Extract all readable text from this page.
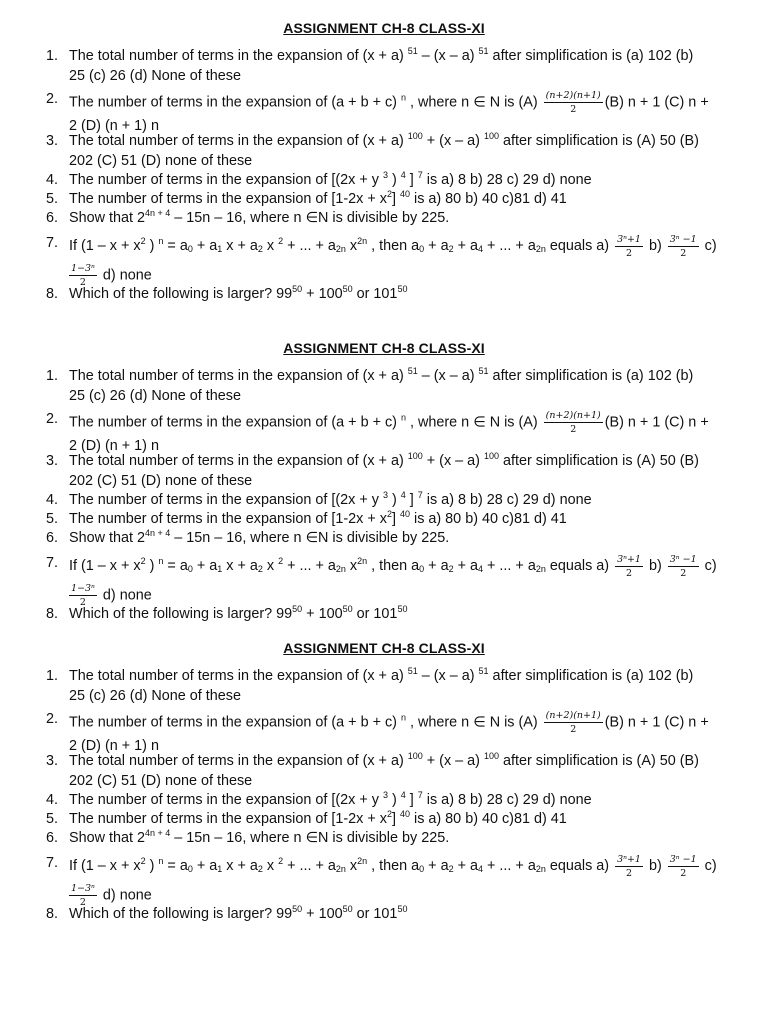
ASSIGNMENT CH-8 CLASS-XI
1. The total number of terms in the expansion of (x + a) $^{51}$ – (x – a) $^{51}$ after simplification is (a) 102 (b)
25 (c) 26 (d) None of these
2. The number of terms in the expansion of (a + b + c) $^n$ , where n ∈ N is $(A) \frac{(n+2)(n+1)}{2} (B) n + 1$ (C) n +
2 (D) (n + 1) n
3. The total number of terms in the expansion of (x + a) $^{100}$ + (x – a) $^{100}$ after simplification is (A) 50 (B)
202 (C) 51 (D) none of these
4. The number of terms in the expansion of [(2x + y $^3$ ) $^4$ ] $^7$ is a) 8 b) 28 c) 29 d) none
5. The number of terms in the expansion of $[1-2x + x^2]$ $^{40}$ is a) 80 b) 40 c)81 d) 41
6. Show that $2^{4n + 4} - 15n - 16$, where n ∈N is divisible by 225.
7. If ($1 - x + x^2$ ) $^n = a_0 + a_1$ $x + a_2$ x $^2$ + ... + $a_{2n}$ $x^{2n}$ , then $a_0 + a_2 + a_4$ + ... + $a_{2n}$ equals $a) \frac{\text{3ⁿ+1}}{2} b) \frac{\text{3ⁿ −1}}{2} c$)
$\frac{\text{1−3ⁿ}}{2} d$) none
8. Which of the following is larger? $99^{50} + 100^{50}$ or $101^{50}$
ASSIGNMENT CH-8 CLASS-XI
1. The total number of terms in the expansion of (x + a) $^{51}$ – (x – a) $^{51}$ after simplification is (a) 102 (b)
25 (c) 26 (d) None of these
2. The number of terms in the expansion of (a + b + c) $^n$ , where n ∈ N is $(A) \frac{(n+2)(n+1)}{2} (B) n + 1$ (C) n +
2 (D) (n + 1) n
3. The total number of terms in the expansion of (x + a) $^{100}$ + (x – a) $^{100}$ after simplification is (A) 50 (B)
202 (C) 51 (D) none of these
4. The number of terms in the expansion of [(2x + y $^3$ ) $^4$ ] $^7$ is a) 8 b) 28 c) 29 d) none
5. The number of terms in the expansion of $[1-2x + x^2]$ $^{40}$ is a) 80 b) 40 c)81 d) 41
6. Show that $2^{4n + 4} - 15n - 16$, where n ∈N is divisible by 225.
7. If ($1 - x + x^2$ ) $^n = a_0 + a_1$ $x + a_2$ x $^2$ + ... + $a_{2n}$ $x^{2n}$ , then $a_0 + a_2 + a_4$ + ... + $a_{2n}$ equals $a) \frac{\text{3ⁿ+1}}{2} b) \frac{\text{3ⁿ −1}}{2} c$)
$\frac{\text{1−3ⁿ}}{2} d$) none
8. Which of the following is larger? $99^{50} + 100^{50}$ or $101^{50}$
ASSIGNMENT CH-8 CLASS-XI
1. The total number of terms in the expansion of (x + a) $^{51}$ – (x – a) $^{51}$ after simplification is (a) 102 (b)
25 (c) 26 (d) None of these
2. The number of terms in the expansion of (a + b + c) $^n$ , where n ∈ N is $(A) \frac{(n+2)(n+1)}{2} (B) n + 1$ (C) n +
2 (D) (n + 1) n
3. The total number of terms in the expansion of (x + a) $^{100}$ + (x – a) $^{100}$ after simplification is (A) 50 (B)
202 (C) 51 (D) none of these
4. The number of terms in the expansion of [(2x + y $^3$ ) $^4$ ] $^7$ is a) 8 b) 28 c) 29 d) none
5. The number of terms in the expansion of $[1-2x + x^2]$ $^{40}$ is a) 80 b) 40 c)81 d) 41
6. Show that $2^{4n + 4} - 15n - 16$, where n ∈N is divisible by 225.
7. If ($1 - x + x^2$ ) $^n = a_0 + a_1$ $x + a_2$ x $^2$ + ... + $a_{2n}$ $x^{2n}$ , then $a_0 + a_2 + a_4$ + ... + $a_{2n}$ equals $a) \frac{\text{3ⁿ+1}}{2} b) \frac{\text{3ⁿ −1}}{2} c$)
$\frac{\text{1−3ⁿ}}{2} d$) none
8. Which of the following is larger? $99^{50} + 100^{50}$ or $101^{50}$
